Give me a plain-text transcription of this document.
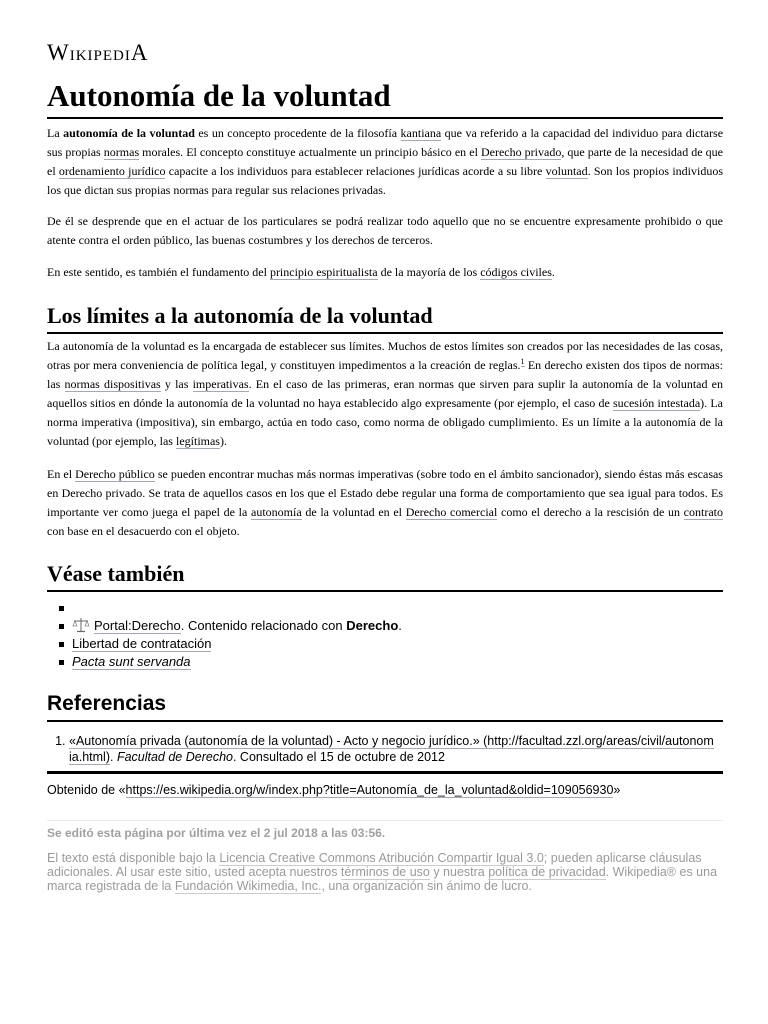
WikipediA
Autonomía de la voluntad

La autonomía de la voluntad es un concepto procedente de la filosofía kantiana que va referido a la capacidad del individuo para dictarse sus propias normas morales. El concepto constituye actualmente un principio básico en el Derecho privado, que parte de la necesidad de que el ordenamiento jurídico capacite a los individuos para establecer relaciones jurídicas acorde a su libre voluntad. Son los propios individuos los que dictan sus propias normas para regular sus relaciones privadas.

De él se desprende que en el actuar de los particulares se podrá realizar todo aquello que no se encuentre expresamente prohibido o que atente contra el orden público, las buenas costumbres y los derechos de terceros.

En este sentido, es también el fundamento del principio espiritualista de la mayoría de los códigos civiles.

Los límites a la autonomía de la voluntad

La autonomía de la voluntad es la encargada de establecer sus límites. Muchos de estos límites son creados por las necesidades de las cosas, otras por mera conveniencia de política legal, y constituyen impedimentos a la creación de reglas.$^1$ En derecho existen dos tipos de normas: las normas dispositivas y las imperativas. En el caso de las primeras, eran normas que sirven para suplir la autonomía de la voluntad en aquellos sitios en dónde la autonomía de la voluntad no haya establecido algo expresamente (por ejemplo, el caso de sucesión intestada). La norma imperativa (impositiva), sin embargo, actúa en todo caso, como norma de obligado cumplimiento. Es un límite a la autonomía de la voluntad (por ejemplo, las legítimas).

En el Derecho público se pueden encontrar muchas más normas imperativas (sobre todo en el ámbito sancionador), siendo éstas más escasas en Derecho privado. Se trata de aquellos casos en los que el Estado debe regular una forma de comportamiento que sea igual para todos. Es importante ver como juega el papel de la autonomía de la voluntad en el Derecho comercial como el derecho a la rescisión de un contrato con base en el desacuerdo con el objeto.

Véase también

Portal:Derecho. Contenido relacionado con Derecho.
Libertad de contratación
Pacta sunt servanda
Referencias
1. «Autonomía privada (autonomía de la voluntad) - Acto y negocio jurídico.» (http://facultad.zzl.org/areas/civil/autonom
ia.html). Facultad de Derecho. Consultado el 15 de octubre de 2012
Obtenido de «https://es.wikipedia.org/w/index.php?title=Autonomía_de_la_voluntad&oldid=109056930»
Se editó esta página por última vez el 2 jul 2018 a las 03:56.
El texto está disponible bajo la Licencia Creative Commons Atribución Compartir Igual 3.0; pueden aplicarse cláusulas adicionales. Al usar este sitio, usted acepta nuestros términos de uso y nuestra política de privacidad. Wikipedia® es una marca registrada de la Fundación Wikimedia, Inc., una organización sin ánimo de lucro.
